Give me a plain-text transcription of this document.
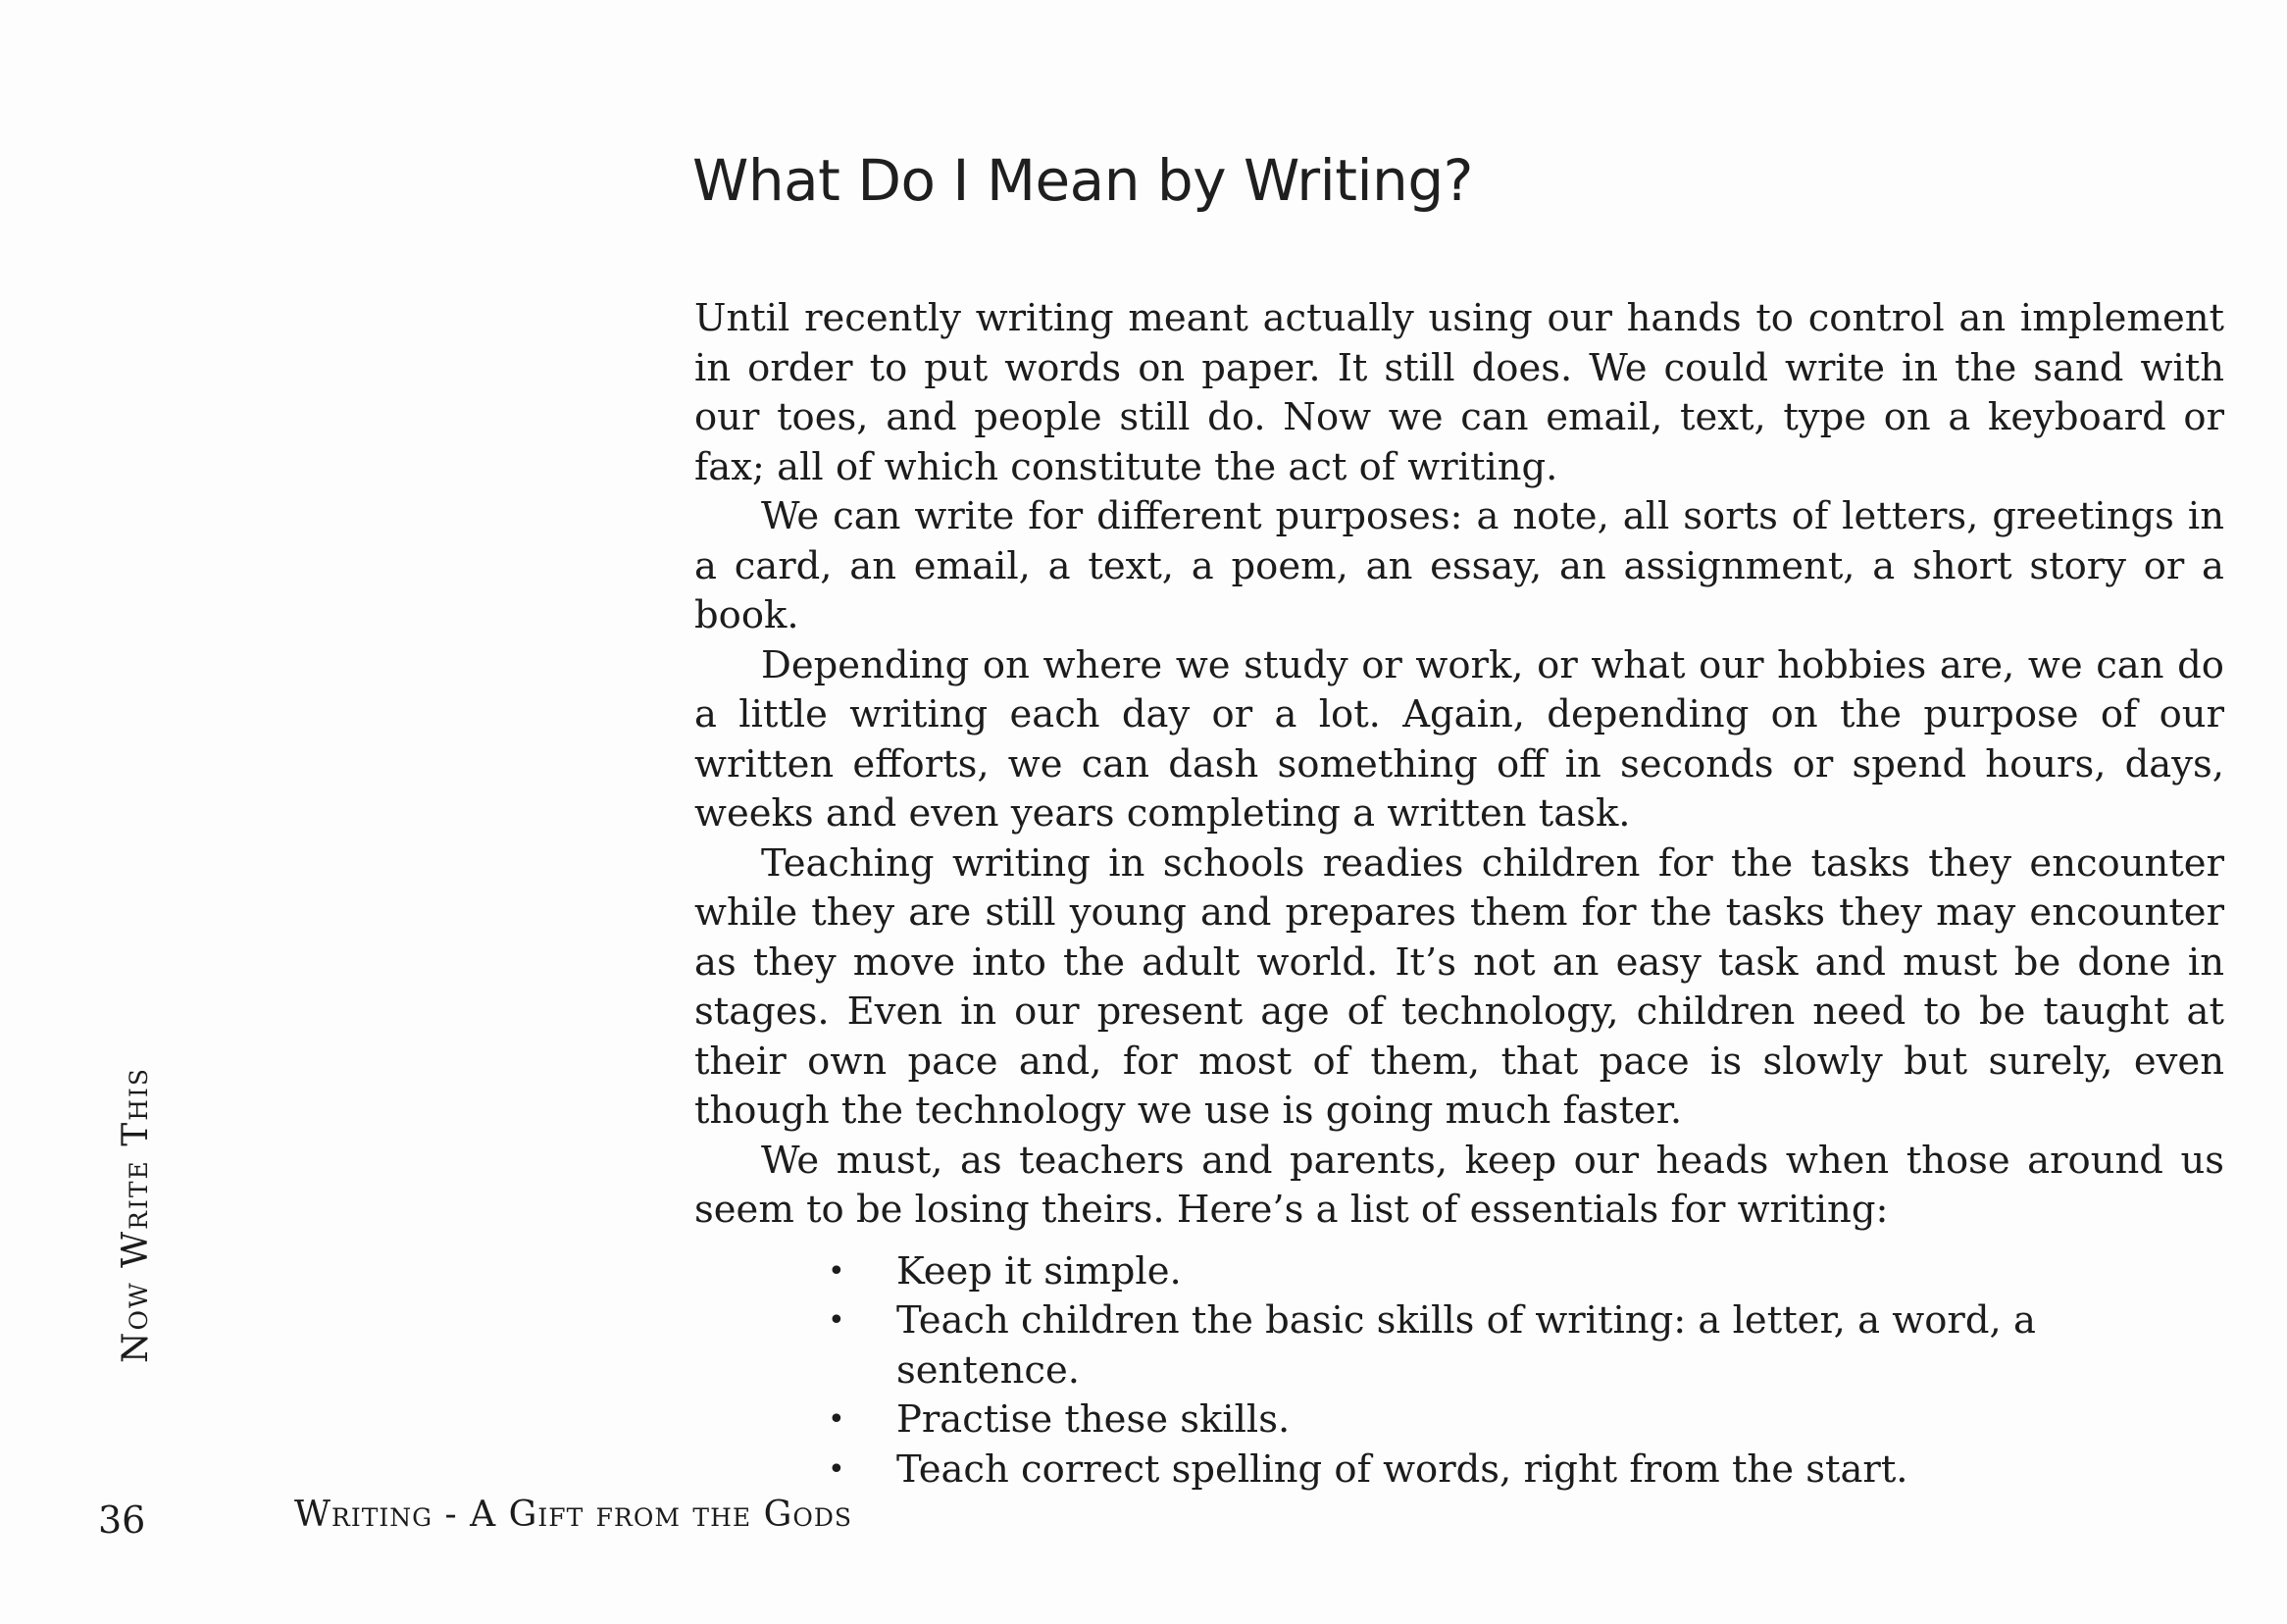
What Do I Mean by Writing?

Until recently writing meant actually using our hands to control an implement in order to put words on paper. It still does. We could write in the sand with our toes, and people still do. Now we can email, text, type on a keyboard or fax; all of which constitute the act of writing.

We can write for different purposes: a note, all sorts of letters, greetings in a card, an email, a text, a poem, an essay, an assignment, a short story or a book.

Depending on where we study or work, or what our hobbies are, we can do a little writing each day or a lot. Again, depending on the purpose of our written efforts, we can dash something off in seconds or spend hours, days, weeks and even years completing a written task.

Teaching writing in schools readies children for the tasks they encounter while they are still young and prepares them for the tasks they may encounter as they move into the adult world. It’s not an easy task and must be done in stages. Even in our present age of technology, children need to be taught at their own pace and, for most of them, that pace is slowly but surely, even though the technology we use is going much faster.

We must, as teachers and parents, keep our heads when those around us seem to be losing theirs. Here’s a list of essentials for writing:

• Keep it simple.
• Teach children the basic skills of writing: a letter, a word, a sentence.
• Practise these skills.
• Teach correct spelling of words, right from the start.
Now Write This
36	Writing - A Gift from the Gods
